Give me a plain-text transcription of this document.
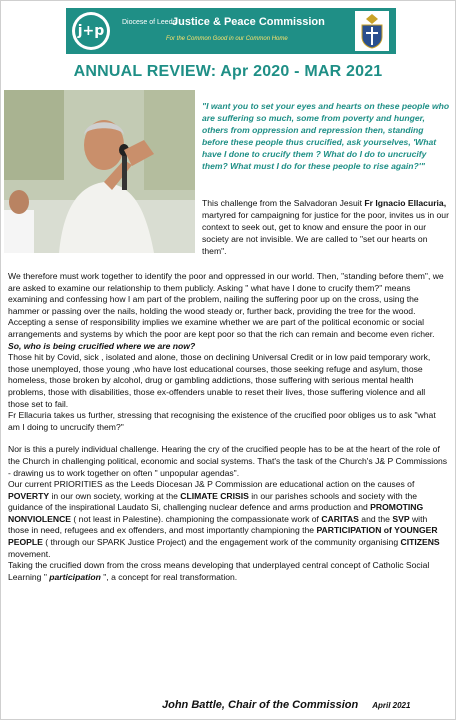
j+p
Diocese of Leeds
Justice & Peace Commission
For the Common Good in our Common Home
ANNUAL REVIEW: Apr 2020 - MAR 2021
"I want you to set your eyes and hearts on these people who are suffering so much, some from poverty and hunger, others from oppression and repression then, standing before these people thus crucified, ask yourselves, 'What have I done to crucify them ? What do I do to uncrucify them? What must I do for these people to rise again?'"
This challenge from the Salvadoran Jesuit Fr Ignacio Ellacuria, martyred for campaigning for justice for the poor, invites us in our context to seek out, get to know and ensure the poor in our society are not invisible. We are called to "set our hearts on them".

We therefore must work together to identify the poor and oppressed in our world. Then, "standing before them", we are asked to examine our relationship to them publicly. Asking " what have I done to crucify them?" means examining and confessing how I am part of the problem, nailing the suffering poor up on the cross, using the hammer or passing over the nails, holding the wood steady or, further back, providing the tree for the wood. Accepting a sense of responsibility implies we examine whether we are part of the political economic or social arrangements and systems by which the poor are kept poor so that the rich can remain and become even richer.

So, who is being crucified where we are now?

Those hit by Covid, sick , isolated and alone, those on declining Universal Credit or in low paid temporary work, those unemployed, those young ,who have lost educational courses, those seeking refuge and asylum, those homeless, those broken by alcohol, drug or gambling addictions, those suffering with serious mental health problems, those with disabilities, those ex-offenders unable to reset their lives, those suffering violence and all those set to fail.

Fr Ellacuria takes us further, stressing that recognising the existence of the crucified poor obliges us to ask "what am I doing to uncrucify them?"

Nor is this a purely individual challenge. Hearing the cry of the crucified people has to be at the heart of the role of the Church in challenging political, economic and social systems. That's the task of the Church's J& P Commissions - drawing us to work together on often " unpopular agendas".

Our current PRIORITIES as the Leeds Diocesan J& P Commission are educational action on the causes of POVERTY in our own society, working at the CLIMATE CRISIS in our parishes schools and society with the guidance of the inspirational Laudato Si, challenging nuclear defence and arms production and PROMOTING NONVIOLENCE ( not least in Palestine). championing the compassionate work of CARITAS and the SVP with those in need, refugees and ex offenders, and most importantly championing the PARTICIPATION of YOUNGER PEOPLE ( through our SPARK Justice Project) and the engagement work of the community organising CITIZENS movement.

Taking the crucified down from the cross means developing that underplayed central concept of Catholic Social Learning " participation ", a concept for real transformation.

John Battle, Chair of the Commission April 2021
